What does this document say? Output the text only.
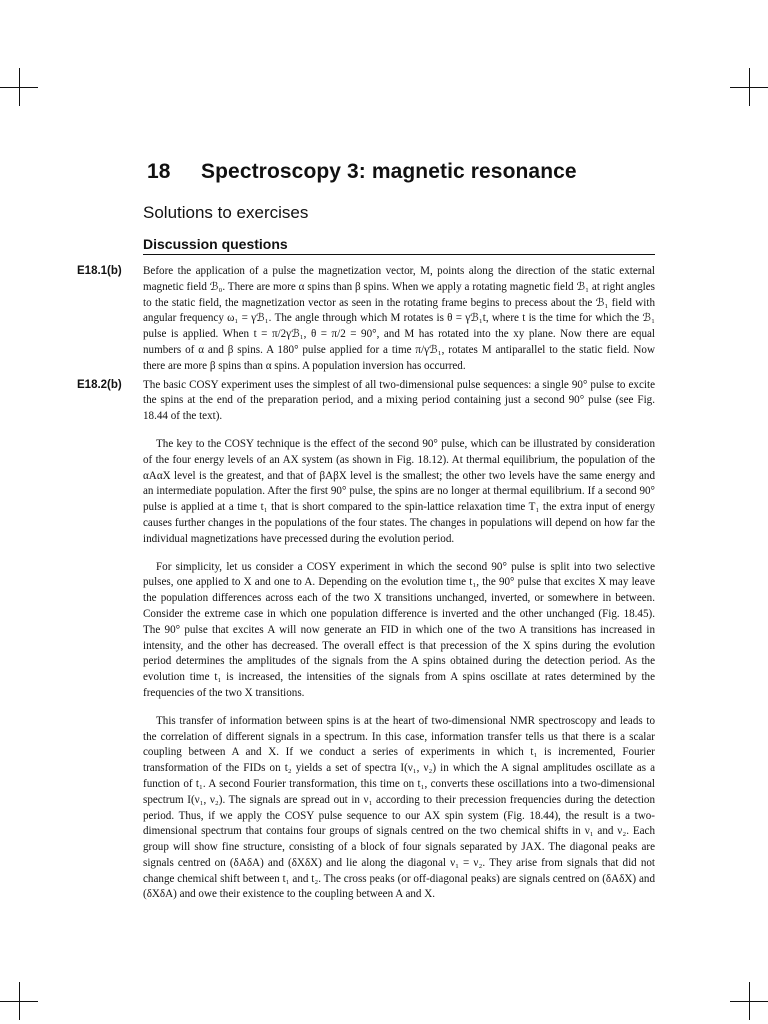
18 Spectroscopy 3: magnetic resonance
Solutions to exercises
Discussion questions
E18.1(b) Before the application of a pulse the magnetization vector, M, points along the direction of the static external magnetic field ℬ₀. There are more α spins than β spins. When we apply a rotating magnetic field ℬ₁ at right angles to the static field, the magnetization vector as seen in the rotating frame begins to precess about the ℬ₁ field with angular frequency ω₁ = γℬ₁. The angle through which M rotates is θ = γℬ₁t, where t is the time for which the ℬ₁ pulse is applied. When t = π/2γℬ₁, θ = π/2 = 90°, and M has rotated into the xy plane. Now there are equal numbers of α and β spins. A 180° pulse applied for a time π/γℬ₁, rotates M antiparallel to the static field. Now there are more β spins than α spins. A population inversion has occurred.

E18.2(b) The basic COSY experiment uses the simplest of all two-dimensional pulse sequences: a single 90° pulse to excite the spins at the end of the preparation period, and a mixing period containing just a second 90° pulse (see Fig. 18.44 of the text).

The key to the COSY technique is the effect of the second 90° pulse, which can be illustrated by consideration of the four energy levels of an AX system (as shown in Fig. 18.12). At thermal equilibrium, the population of the αAαX level is the greatest, and that of βAβX level is the smallest; the other two levels have the same energy and an intermediate population. After the first 90° pulse, the spins are no longer at thermal equilibrium. If a second 90° pulse is applied at a time t₁ that is short compared to the spin-lattice relaxation time T₁ the extra input of energy causes further changes in the populations of the four states. The changes in populations will depend on how far the individual magnetizations have precessed during the evolution period.

For simplicity, let us consider a COSY experiment in which the second 90° pulse is split into two selective pulses, one applied to X and one to A. Depending on the evolution time t₁, the 90° pulse that excites X may leave the population differences across each of the two X transitions unchanged, inverted, or somewhere in between. Consider the extreme case in which one population difference is inverted and the other unchanged (Fig. 18.45). The 90° pulse that excites A will now generate an FID in which one of the two A transitions has increased in intensity, and the other has decreased. The overall effect is that precession of the X spins during the evolution period determines the amplitudes of the signals from the A spins obtained during the detection period. As the evolution time t₁ is increased, the intensities of the signals from A spins oscillate at rates determined by the frequencies of the two X transitions.

This transfer of information between spins is at the heart of two-dimensional NMR spectroscopy and leads to the correlation of different signals in a spectrum. In this case, information transfer tells us that there is a scalar coupling between A and X. If we conduct a series of experiments in which t₁ is incremented, Fourier transformation of the FIDs on t₂ yields a set of spectra I(ν₁, ν₂) in which the A signal amplitudes oscillate as a function of t₁. A second Fourier transformation, this time on t₁, converts these oscillations into a two-dimensional spectrum I(ν₁, ν₂). The signals are spread out in ν₁ according to their precession frequencies during the detection period. Thus, if we apply the COSY pulse sequence to our AX spin system (Fig. 18.44), the result is a two-dimensional spectrum that contains four groups of signals centred on the two chemical shifts in ν₁ and ν₂. Each group will show fine structure, consisting of a block of four signals separated by JAX. The diagonal peaks are signals centred on (δAδA) and (δXδX) and lie along the diagonal ν₁ = ν₂. They arise from signals that did not change chemical shift between t₁ and t₂. The cross peaks (or off-diagonal peaks) are signals centred on (δAδX) and (δXδA) and owe their existence to the coupling between A and X.
